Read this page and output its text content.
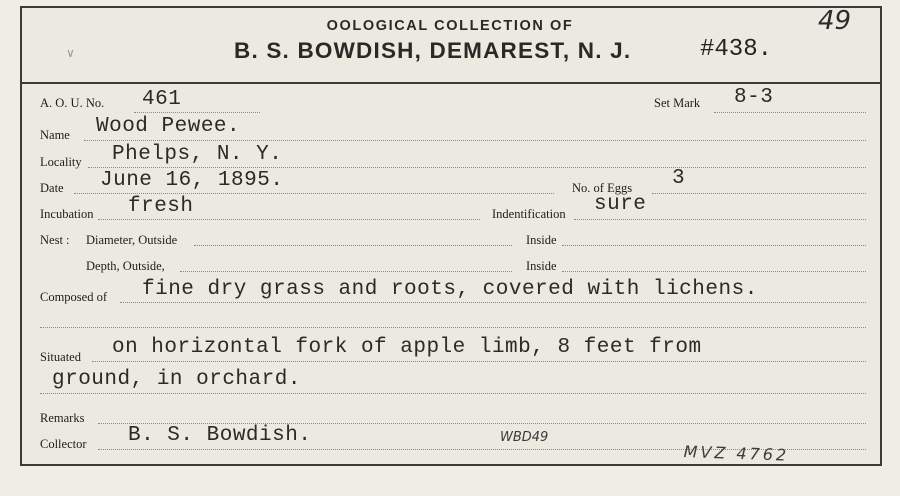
OOLOGICAL COLLECTION OF
B. S. BOWDISH, DEMAREST, N. J.	#438.
49
∨
A. O. U. No. 461	Set Mark 8-3
Name Wood Pewee.
Locality Phelps, N. Y.
Date June 16, 1895.	No. of Eggs 3
Incubation fresh	Indentification sure
Nest : Diameter, Outside	Inside
Depth, Outside,	Inside
Composed of fine dry grass and roots, covered with lichens.
Situated on horizontal fork of apple limb, 8 feet from
ground, in orchard.
Remarks
Collector B. S. Bowdish.	WBD49
MVZ 4762
